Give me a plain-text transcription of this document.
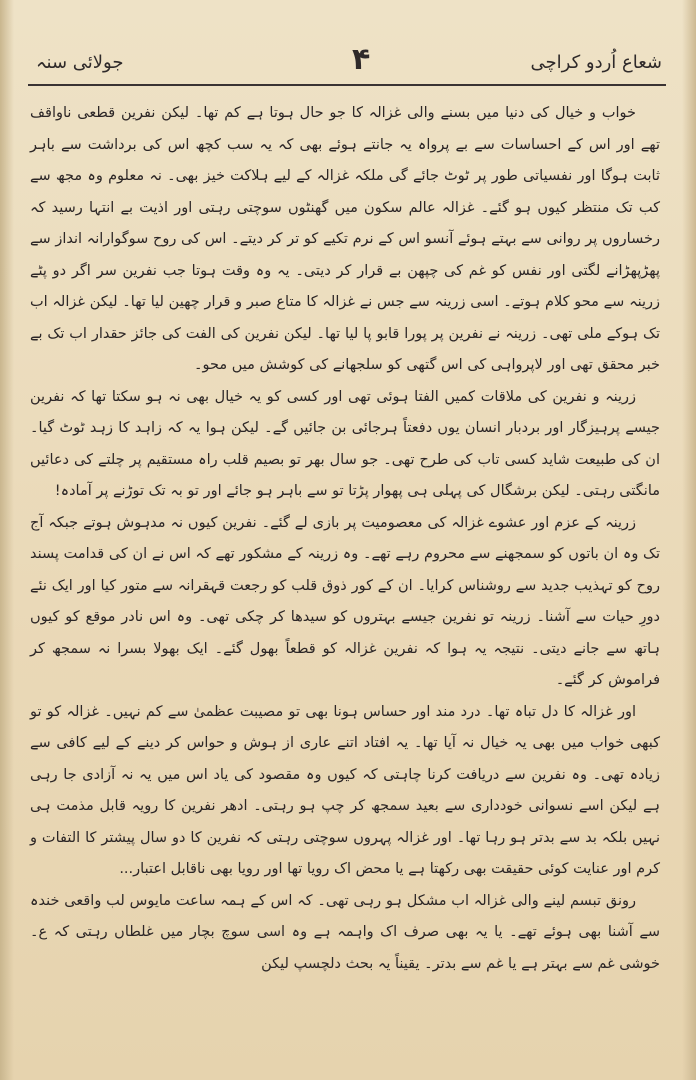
شعاع اُردو کراچی
۴
جولائی سنہ

خواب و خیال کی دنیا میں بسنے والی غزالہ کا جو حال ہوتا ہے کم تھا۔ لیکن نفرین قطعی ناواقف تھے اور اس کے احساسات سے بے پرواہ یہ جانتے ہوئے بھی کہ یہ سب کچھ اس کی برداشت سے باہر ثابت ہوگا اور نفسیاتی طور پر ٹوٹ جائے گی ملکہ غزالہ کے لیے ہلاکت خیز بھی۔ نہ معلوم وہ مجھ سے کب تک منتظر کیوں ہو گئے۔ غزالہ عالم سکون میں گھنٹوں سوچتی رہتی اور اذیت بے انتہا رسید کہ رخساروں پر روانی سے بہتے ہوئے آنسو اس کے نرم تکیے کو تر کر دیتے۔ اس کی روح سوگوارانہ انداز سے پھڑپھڑانے لگتی اور نفس کو غم کی چپھن بے قرار کر دیتی۔ یہ وہ وقت ہوتا جب نفرین سر اگر دو پٹے زرینہ سے محو کلام ہوتے۔ اسی زرینہ سے جس نے غزالہ کا متاع صبر و قرار چھین لیا تھا۔ لیکن غزالہ اب تک ہوکے ملی تھی۔ زرینہ نے نفرین پر پورا قابو پا لیا تھا۔ لیکن نفرین کی الفت کی جائز حقدار اب تک بے خبر محقق تھی اور لاپرواہی کی اس گتھی کو سلجھانے کی کوشش میں محو۔

زرینہ و نفرین کی ملاقات کمیں الفتا ہوئی تھی اور کسی کو یہ خیال بھی نہ ہو سکتا تھا کہ نفرین جیسے پرہیزگار اور بردبار انسان یوں دفعتاً ہرجائی بن جائیں گے۔ لیکن ہوا یہ کہ زاہد کا زہد ٹوٹ گیا۔ ان کی طبیعت شاید کسی تاب کی طرح تھی۔ جو سال بھر تو بصیم قلب راہ مستقیم پر چلتے کی دعائیں مانگتی رہتی۔ لیکن برشگال کی پہلی ہی پھوار پڑتا تو سے باہر ہو جائے اور تو بہ تک توڑنے پر آمادہ!

زرینہ کے عزم اور عشوے غزالہ کی معصومیت پر بازی لے گئے۔ نفرین کیوں نہ مدہوش ہوتے جبکہ آج تک وہ ان باتوں کو سمجھنے سے محروم رہے تھے۔ وہ زرینہ کے مشکور تھے کہ اس نے ان کی قدامت پسند روح کو تہذیب جدید سے روشناس کرایا۔ ان کے کور ذوق قلب کو رجعت قہقرانہ سے متور کیا اور ایک نئے دورِ حیات سے آشنا۔ زرینہ تو نفرین جیسے بہتروں کو سیدھا کر چکی تھی۔ وہ اس نادر موقع کو کیوں ہاتھ سے جانے دیتی۔ نتیجہ یہ ہوا کہ نفرین غزالہ کو قطعاً بھول گئے۔ ایک بھولا بسرا نہ سمجھ کر فراموش کر گئے۔

اور غزالہ کا دل تباہ تھا۔ درد مند اور حساس ہونا بھی تو مصیبت عظمیٰ سے کم نہیں۔ غزالہ کو تو کبھی خواب میں بھی یہ خیال نہ آیا تھا۔ یہ افتاد اتنے عاری از ہوش و حواس کر دینے کے لیے کافی سے زیادہ تھی۔ وہ نفرین سے دریافت کرنا چاہتی کہ کیوں وہ مقصود کی یاد اس میں یہ نہ آزادی جا رہی ہے لیکن اسے نسوانی خودداری سے بعید سمجھ کر چپ ہو رہتی۔ ادھر نفرین کا رویہ قابل مذمت ہی نہیں بلکہ بد سے بدتر ہو رہا تھا۔ اور غزالہ پہروں سوچتی رہتی کہ نفرین کا دو سال پیشتر کا التفات و کرم اور عنایت کوئی حقیقت بھی رکھتا ہے یا محض اک رویا تھا اور رویا بھی ناقابل اعتبار...

رونق تبسم لینے والی غزالہ اب مشکل ہو رہی تھی۔ کہ اس کے ہمہ ساعت مایوس لب واقعی خندہ سے آشنا بھی ہوئے تھے۔ یا یہ بھی صرف اک واہمہ ہے وہ اسی سوچ بچار میں غلطاں رہتی کہ ع۔ خوشی غم سے بہتر ہے یا غم سے بدتر۔ یقیناً یہ بحث دلچسپ لیکن
